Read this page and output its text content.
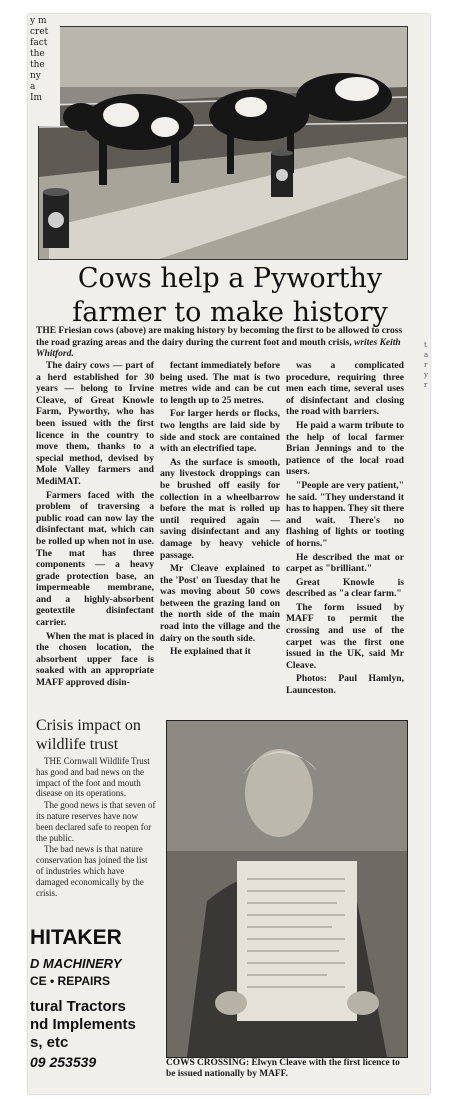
y m
cret
fact
the
the
ny
a
Im
Cows help a Pyworthy farmer to make history
THE Friesian cows (above) are making history by becoming the first to be allowed to cross the road grazing areas and the dairy during the current foot and mouth crisis, writes Keith Whitford.

The dairy cows — part of a herd established for 30 years — belong to Irvine Cleave, of Great Knowle Farm, Pyworthy, who has been issued with the first licence in the country to move them, thanks to a special method, devised by Mole Valley farmers and MediMAT.

Farmers faced with the problem of traversing a public road can now lay the disinfectant mat, which can be rolled up when not in use. The mat has three components — a heavy grade protection base, an impermeable membrane, and a highly-absorbent geotextile disinfectant carrier.

When the mat is placed in the chosen location, the absorbent upper face is soaked with an appropriate MAFF approved disin-

fectant immediately before being used. The mat is two metres wide and can be cut to length up to 25 metres.

For larger herds or flocks, two lengths are laid side by side and stock are contained with an electrified tape.

As the surface is smooth, any livestock droppings can be brushed off easily for collection in a wheelbarrow before the mat is rolled up until required again — saving disinfectant and any damage by heavy vehicle passage.

Mr Cleave explained to the 'Post' on Tuesday that he was moving about 50 cows between the grazing land on the north side of the main road into the village and the dairy on the south side.

He explained that it

was a complicated procedure, requiring three men each time, several uses of disinfectant and closing the road with barriers.

He paid a warm tribute to the help of local farmer Brian Jennings and to the patience of the local road users.

"People are very patient," he said. "They understand it has to happen. They sit there and wait. There's no flashing of lights or tooting of horns."

He described the mat or carpet as "brilliant."

Great Knowle is described as "a clear farm."

The form issued by MAFF to permit the crossing and use of the carpet was the first one issued in the UK, said Mr Cleave.

Photos: Paul Hamlyn, Launceston.

Crisis impact on wildlife trust

THE Cornwall Wildlife Trust has good and bad news on the impact of the foot and mouth disease on its operations.

The good news is that seven of its nature reserves have now been declared safe to reopen for the public.

The bad news is that nature conservation has joined the list of industries which have damaged economically by the crisis.

HITAKER
D MACHINERY
CE • REPAIRS
tural Tractors
nd Implements
s, etc
09 253539	COWS CROSSING: Elwyn Cleave with the first licence to be issued nationally by MAFF.
t
a
r
y
r
